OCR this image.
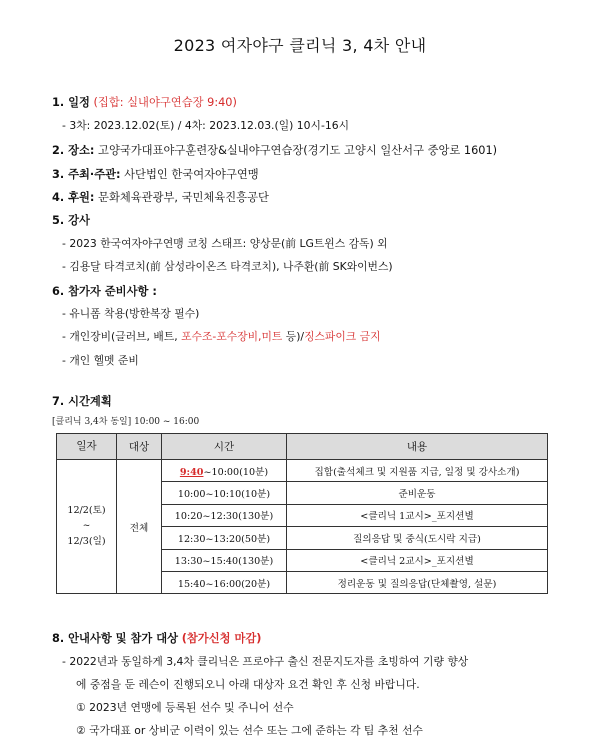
2023 여자야구 클리닉 3, 4차 안내
1. 일정 (집합: 실내야구연습장 9:40)
- 3차: 2023.12.02(토) / 4차: 2023.12.03.(일) 10시-16시
2. 장소: 고양국가대표야구훈련장&실내야구연습장(경기도 고양시 일산서구 중앙로 1601)
3. 주최·주관: 사단법인 한국여자야구연맹
4. 후원: 문화체육관광부, 국민체육진흥공단
5. 강사
- 2023 한국여자야구연맹 코칭 스태프: 양상문(前 LG트윈스 감독) 외
- 김용달 타격코치(前 삼성라이온즈 타격코치), 나주환(前 SK와이번스)
6. 참가자 준비사항 :
- 유니폼 착용(방한복장 필수)
- 개인장비(글러브, 배트, 포수조-포수장비,미트 등)/징스파이크 금지
- 개인 헬멧 준비
7. 시간계획
[클리닉 3,4차 동일] 10:00 ~ 16:00
일자	대상	시간	내용

12/2(토)
~
12/3(일)	전체	9:40~10:00(10분)	집합(출석체크 및 지원품 지급, 일정 및 강사소개)
		10:00~10:10(10분)	준비운동
		10:20~12:30(130분)	<클리닉 1교시>_포지션별
		12:30~13:20(50분)	질의응답 및 중식(도시락 지급)
		13:30~15:40(130분)	<클리닉 2교시>_포지션별
		15:40~16:00(20분)	정리운동 및 질의응답(단체촬영, 설문)
8. 안내사항 및 참가 대상 (참가신청 마감)
- 2022년과 동일하게 3,4차 클리닉은 프로야구 출신 전문지도자를 초빙하여 기량 향상
에 중점을 둔 레슨이 진행되오니 아래 대상자 요건 확인 후 신청 바랍니다.
① 2023년 연맹에 등록된 선수 및 주니어 선수
② 국가대표 or 상비군 이력이 있는 선수 또는 그에 준하는 각 팀 추천 선수
